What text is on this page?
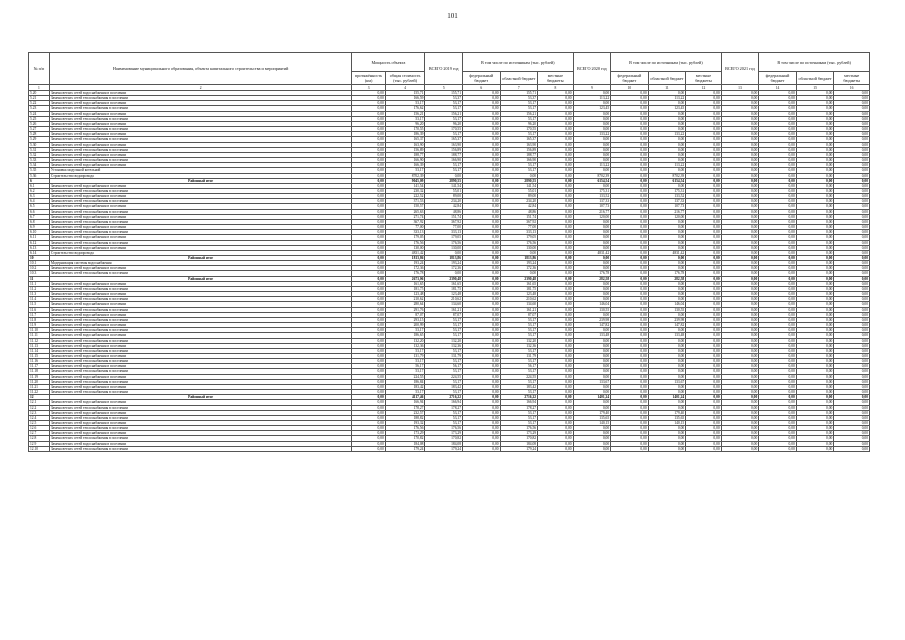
101
№ п/п	Наименование муниципального образования, объекта капитального строительства и мероприятий	Мощность объекта		ВСЕГО 2019 год	В том числе по источникам (тыс. рублей)			ВСЕГО 2020 год	В том числе по источникам (тыс. рублей)			ВСЕГО 2021 год	В том числе по источникам (тыс. рублей)		
		протяжённость (км)	общая стоимость (тыс. рублей)		федеральный бюджет	областной бюджет	местные бюджеты		федеральный бюджет	областной бюджет	местные бюджеты		федеральный бюджет	областной бюджет	местные бюджеты
1	2	3	4	5	6	7	8	9	10	11	12	13	14	15	16
5.20	Замена ветхих сетей водоснабжения в поселении	0,00	155,71	155,71	0,00	155,71	0,00	0,00	0,00	0,00	0,00	0,00	0,00	0,00	0,00
5.21	Замена ветхих сетей теплоснабжения в поселении	0,00	166,59	53,37	0,00	53,37	0,00	113,22	0,00	113,22	0,00	0,00	0,00	0,00	0,00
5.22	Замена ветхих сетей водоснабжения в поселении	0,00	53,17	53,17	0,00	53,17	0,00	0,00	0,00	0,00	0,00	0,00	0,00	0,00	0,00
5.23	Замена ветхих сетей теплоснабжения в поселении	0,00	176,62	53,17	0,00	53,17	0,00	123,45	0,00	123,45	0,00	0,00	0,00	0,00	0,00
5.24	Замена ветхих сетей водоснабжения в поселении	0,00	156,21	156,21	0,00	156,21	0,00	0,00	0,00	0,00	0,00	0,00	0,00	0,00	0,00
5.25	Замена ветхих сетей теплоснабжения в поселении	0,00	53,17	53,17	0,00	53,17	0,00	0,00	0,00	0,00	0,00	0,00	0,00	0,00	0,00
5.26	Замена ветхих сетей водоснабжения в поселении	0,00	96,20	96,20	0,00	96,20	0,00	0,00	0,00	0,00	0,00	0,00	0,00	0,00	0,00
5.27	Замена ветхих сетей теплоснабжения в поселении	0,00	170,55	170,55	0,00	170,55	0,00	0,00	0,00	0,00	0,00	0,00	0,00	0,00	0,00
5.28	Замена ветхих сетей водоснабжения в поселении	0,00	186,39	53,17	0,00	53,17	0,00	133,22	0,00	133,22	0,00	0,00	0,00	0,00	0,00
5.29	Замена ветхих сетей теплоснабжения в поселении	0,00	165,37	165,37	0,00	165,37	0,00	0,00	0,00	0,00	0,00	0,00	0,00	0,00	0,00
5.30	Замена ветхих сетей водоснабжения в поселении	0,00	163,90	163,90	0,00	163,90	0,00	0,00	0,00	0,00	0,00	0,00	0,00	0,00	0,00
5.31	Замена ветхих сетей теплоснабжения в поселении	0,00	156,89	156,89	0,00	156,89	0,00	0,00	0,00	0,00	0,00	0,00	0,00	0,00	0,00
5.32	Замена ветхих сетей водоснабжения в поселении	0,00	188,77	188,77	0,00	188,77	0,00	0,00	0,00	0,00	0,00	0,00	0,00	0,00	0,00
5.33	Замена ветхих сетей теплоснабжения в поселении	0,00	166,90	166,90	0,00	166,90	0,00	0,00	0,00	0,00	0,00	0,00	0,00	0,00	0,00
5.34	Замена ветхих сетей водоснабжения в поселении	0,00	166,39	53,17	0,00	53,17	0,00	113,22	0,00	113,22	0,00	0,00	0,00	0,00	0,00
5.35	Установка модульной котельной	0,00	53,17	53,17	0,00	53,17	0,00	0,00	0,00	0,00	0,00	0,00	0,00	0,00	0,00
5.36	Строительство водопровода	0,00	8702,39	0,00	0,00	0,00	0,00	8702,39	0,00	8702,39	0,00	0,00	0,00	0,00	0,00
6	Районный итог	0,00	9045,09	2890,55	0,00	2890,55	0,00	6154,54	0,00	6154,54	0,00	0,00	0,00	0,00	0,00
6.1	Замена ветхих сетей водоснабжения в поселении	0,00	141,54	141,54	0,00	141,54	0,00	0,00	0,00	0,00	0,00	0,00	0,00	0,00	0,00
6.2	Замена ветхих сетей теплоснабжения в поселении	0,00	230,32	55,01	0,00	55,01	0,00	175,31	0,00	175,31	0,00	0,00	0,00	0,00	0,00
6.3	Замена ветхих сетей водоснабжения в поселении	0,00	222,52	89,00	0,00	89,00	0,00	133,52	0,00	133,52	0,00	0,00	0,00	0,00	0,00
6.4	Замена ветхих сетей теплоснабжения в поселении	0,00	371,53	234,20	0,00	234,20	0,00	137,33	0,00	137,33	0,00	0,00	0,00	0,00	0,00
6.5	Замена ветхих сетей водоснабжения в поселении	0,00	150,57	42,84	0,00	42,84	0,00	107,73	0,00	107,73	0,00	0,00	0,00	0,00	0,00
6.6	Замена ветхих сетей теплоснабжения в поселении	0,00	265,63	48,86	0,00	48,86	0,00	216,77	0,00	216,77	0,00	0,00	0,00	0,00	0,00
6.7	Замена ветхих сетей водоснабжения в поселении	0,00	271,74	151,74	0,00	151,74	0,00	120,00	0,00	120,00	0,00	0,00	0,00	0,00	0,00
6.8	Замена ветхих сетей теплоснабжения в поселении	0,00	367,92	367,92	0,00	367,92	0,00	0,00	0,00	0,00	0,00	0,00	0,00	0,00	0,00
6.9	Замена ветхих сетей водоснабжения в поселении	0,00	77,00	77,00	0,00	77,00	0,00	0,00	0,00	0,00	0,00	0,00	0,00	0,00	0,00
6.10	Замена ветхих сетей теплоснабжения в поселении	0,00	333,13	333,13	0,00	333,13	0,00	0,00	0,00	0,00	0,00	0,00	0,00	0,00	0,00
6.11	Замена ветхих сетей водоснабжения в поселении	0,00	179,05	179,05	0,00	179,05	0,00	0,00	0,00	0,00	0,00	0,00	0,00	0,00	0,00
6.12	Замена ветхих сетей теплоснабжения в поселении	0,00	176,56	176,56	0,00	176,56	0,00	0,00	0,00	0,00	0,00	0,00	0,00	0,00	0,00
6.13	Замена ветхих сетей водоснабжения в поселении	0,00	130,00	130,00	0,00	130,00	0,00	0,00	0,00	0,00	0,00	0,00	0,00	0,00	0,00
6.14	Строительство водопровода	0,00	4831,42	0,00	0,00	0,00	0,00	4831,42	0,00	4831,42	0,00	0,00	0,00	0,00	0,00
10	Районный итог	0,00	1813,86	1813,86	0,00	1813,86	0,00	0,00	0,00	0,00	0,00	0,00	0,00	0,00	0,00
10.1	Модернизация системы водоснабжения	0,00	193,24	193,24	0,00	193,24	0,00	0,00	0,00	0,00	0,00	0,00	0,00	0,00	0,00
10.2	Замена ветхих сетей водоснабжения в поселении	0,00	172,36	172,36	0,00	172,36	0,00	0,00	0,00	0,00	0,00	0,00	0,00	0,00	0,00
10.3	Замена ветхих сетей теплоснабжения в поселении	0,00	176,78	0,00	0,00	0,00	0,00	176,78	0,00	176,78	0,00	0,00	0,00	0,00	0,00
11	Районный итог	0,00	2673,06	2390,48	0,00	2390,48	0,00	282,58	0,00	282,58	0,00	0,00	0,00	0,00	0,00
11.1	Замена ветхих сетей водоснабжения в поселении	0,00	161,65	161,65	0,00	161,65	0,00	0,00	0,00	0,00	0,00	0,00	0,00	0,00	0,00
11.2	Замена ветхих сетей теплоснабжения в поселении	0,00	181,75	181,75	0,00	181,75	0,00	0,00	0,00	0,00	0,00	0,00	0,00	0,00	0,00
11.3	Замена ветхих сетей водоснабжения в поселении	0,00	123,48	123,48	0,00	123,48	0,00	0,00	0,00	0,00	0,00	0,00	0,00	0,00	0,00
11.4	Замена ветхих сетей теплоснабжения в поселении	0,00	210,62	210,62	0,00	210,62	0,00	0,00	0,00	0,00	0,00	0,00	0,00	0,00	0,00
11.5	Замена ветхих сетей водоснабжения в поселении	0,00	280,64	134,60	0,00	134,60	0,00	146,04	0,00	146,04	0,00	0,00	0,00	0,00	0,00
11.6	Замена ветхих сетей теплоснабжения в поселении	0,00	291,76	161,21	0,00	161,21	0,00	130,55	0,00	130,55	0,00	0,00	0,00	0,00	0,00
11.7	Замена ветхих сетей водоснабжения в поселении	0,00	87,07	87,07	0,00	87,07	0,00	0,00	0,00	0,00	0,00	0,00	0,00	0,00	0,00
11.8	Замена ветхих сетей теплоснабжения в поселении	0,00	293,15	53,17	0,00	53,17	0,00	239,98	0,00	239,98	0,00	0,00	0,00	0,00	0,00
11.9	Замена ветхих сетей водоснабжения в поселении	0,00	200,99	53,17	0,00	53,17	0,00	147,82	0,00	147,82	0,00	0,00	0,00	0,00	0,00
11.10	Замена ветхих сетей теплоснабжения в поселении	0,00	53,17	53,17	0,00	53,17	0,00	0,00	0,00	0,00	0,00	0,00	0,00	0,00	0,00
11.11	Замена ветхих сетей водоснабжения в поселении	0,00	186,65	53,17	0,00	53,17	0,00	133,48	0,00	133,48	0,00	0,00	0,00	0,00	0,00
11.12	Замена ветхих сетей теплоснабжения в поселении	0,00	132,20	132,20	0,00	132,20	0,00	0,00	0,00	0,00	0,00	0,00	0,00	0,00	0,00
11.13	Замена ветхих сетей водоснабжения в поселении	0,00	132,36	132,36	0,00	132,36	0,00	0,00	0,00	0,00	0,00	0,00	0,00	0,00	0,00
11.14	Замена ветхих сетей теплоснабжения в поселении	0,00	53,17	53,17	0,00	53,17	0,00	0,00	0,00	0,00	0,00	0,00	0,00	0,00	0,00
11.15	Замена ветхих сетей водоснабжения в поселении	0,00	131,79	131,79	0,00	131,79	0,00	0,00	0,00	0,00	0,00	0,00	0,00	0,00	0,00
11.16	Замена ветхих сетей теплоснабжения в поселении	0,00	53,17	53,17	0,00	53,17	0,00	0,00	0,00	0,00	0,00	0,00	0,00	0,00	0,00
11.17	Замена ветхих сетей водоснабжения в поселении	0,00	56,17	56,17	0,00	56,17	0,00	0,00	0,00	0,00	0,00	0,00	0,00	0,00	0,00
11.18	Замена ветхих сетей теплоснабжения в поселении	0,00	53,17	53,17	0,00	53,17	0,00	0,00	0,00	0,00	0,00	0,00	0,00	0,00	0,00
11.19	Замена ветхих сетей водоснабжения в поселении	0,00	224,55	224,55	0,00	224,55	0,00	0,00	0,00	0,00	0,00	0,00	0,00	0,00	0,00
11.20	Замена ветхих сетей теплоснабжения в поселении	0,00	186,84	53,17	0,00	53,17	0,00	133,67	0,00	133,67	0,00	0,00	0,00	0,00	0,00
11.21	Замена ветхих сетей водоснабжения в поселении	0,00	183,42	183,42	0,00	183,42	0,00	0,00	0,00	0,00	0,00	0,00	0,00	0,00	0,00
11.22	Замена ветхих сетей теплоснабжения в поселении	0,00	53,17	53,17	0,00	53,17	0,00	0,00	0,00	0,00	0,00	0,00	0,00	0,00	0,00
12	Районный итог	0,00	4117,46	2716,22	0,00	2716,22	0,00	1401,24	0,00	1401,24	0,00	0,00	0,00	0,00	0,00
12.1	Замена ветхих сетей водоснабжения в поселении	0,00	166,94	166,94	0,00	166,94	0,00	0,00	0,00	0,00	0,00	0,00	0,00	0,00	0,00
12.2	Замена ветхих сетей теплоснабжения в поселении	0,00	178,27	178,27	0,00	178,27	0,00	0,00	0,00	0,00	0,00	0,00	0,00	0,00	0,00
12.3	Замена ветхих сетей водоснабжения в поселении	0,00	232,57	53,17	0,00	53,17	0,00	179,40	0,00	179,40	0,00	0,00	0,00	0,00	0,00
12.4	Замена ветхих сетей теплоснабжения в поселении	0,00	188,82	53,17	0,00	53,17	0,00	135,65	0,00	135,65	0,00	0,00	0,00	0,00	0,00
12.5	Замена ветхих сетей водоснабжения в поселении	0,00	193,32	53,17	0,00	53,17	0,00	140,15	0,00	140,15	0,00	0,00	0,00	0,00	0,00
12.6	Замена ветхих сетей теплоснабжения в поселении	0,00	176,56	176,56	0,00	176,56	0,00	0,00	0,00	0,00	0,00	0,00	0,00	0,00	0,00
12.7	Замена ветхих сетей водоснабжения в поселении	0,00	173,29	173,29	0,00	173,29	0,00	0,00	0,00	0,00	0,00	0,00	0,00	0,00	0,00
12.8	Замена ветхих сетей теплоснабжения в поселении	0,00	170,82	170,82	0,00	170,82	0,00	0,00	0,00	0,00	0,00	0,00	0,00	0,00	0,00
12.9	Замена ветхих сетей водоснабжения в поселении	0,00	184,08	184,08	0,00	184,08	0,00	0,00	0,00	0,00	0,00	0,00	0,00	0,00	0,00
12.10	Замена ветхих сетей теплоснабжения в поселении	0,00	179,24	179,24	0,00	179,24	0,00	0,00	0,00	0,00	0,00	0,00	0,00	0,00	0,00
